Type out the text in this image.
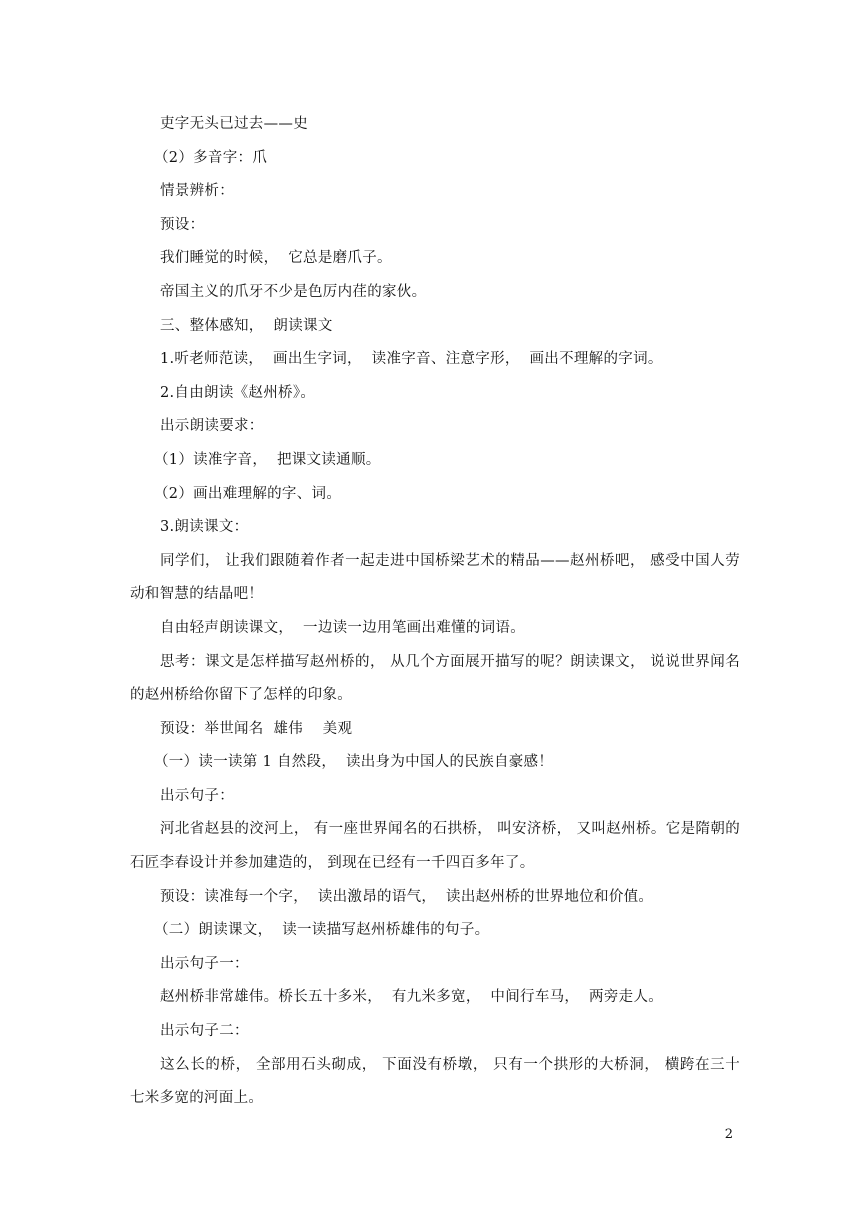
吏字无头已过去——史

（2）多音字：爪

情景辨析：

预设：

我们睡觉的时候，  它总是磨爪子。

帝国主义的爪牙不少是色厉内荏的家伙。

三、整体感知，  朗读课文

1.听老师范读，  画出生字词，  读准字音、注意字形，  画出不理解的字词。

2.自由朗读《赵州桥》。

出示朗读要求：

（1）读准字音，  把课文读通顺。

（2）画出难理解的字、词。

3.朗读课文：

同学们， 让我们跟随着作者一起走进中国桥梁艺术的精品——赵州桥吧， 感受中国人劳动和智慧的结晶吧！

自由轻声朗读课文，  一边读一边用笔画出难懂的词语。

思考：课文是怎样描写赵州桥的， 从几个方面展开描写的呢？朗读课文， 说说世界闻名的赵州桥给你留下了怎样的印象。

预设：举世闻名  雄伟    美观

（一）读一读第 1 自然段，  读出身为中国人的民族自豪感！

出示句子：

河北省赵县的洨河上， 有一座世界闻名的石拱桥， 叫安济桥， 又叫赵州桥。它是隋朝的石匠李春设计并参加建造的， 到现在已经有一千四百多年了。

预设：读准每一个字，  读出激昂的语气，  读出赵州桥的世界地位和价值。

（二）朗读课文，  读一读描写赵州桥雄伟的句子。

出示句子一：

赵州桥非常雄伟。桥长五十多米，  有九米多宽，  中间行车马，  两旁走人。

出示句子二：

这么长的桥， 全部用石头砌成， 下面没有桥墩， 只有一个拱形的大桥洞， 横跨在三十七米多宽的河面上。

2
